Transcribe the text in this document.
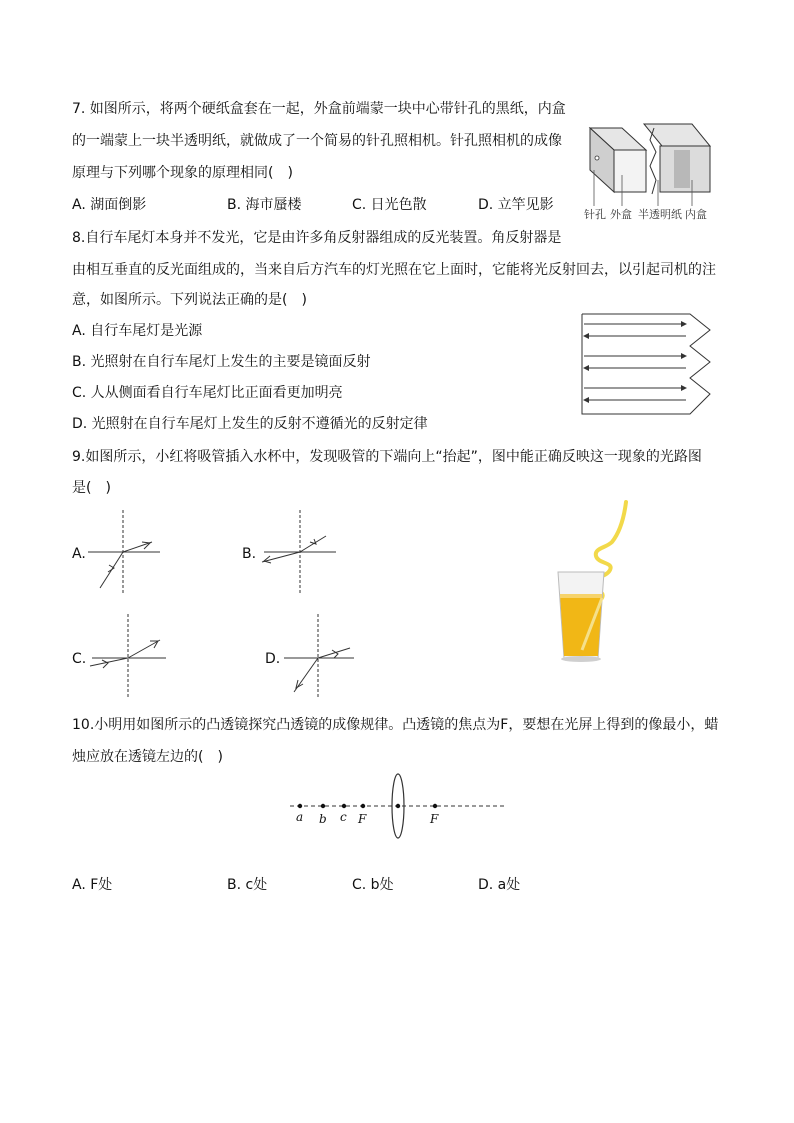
7. 如图所示，将两个硬纸盒套在一起，外盒前端蒙一块中心带针孔的黑纸，内盒
的一端蒙上一块半透明纸，就做成了一个简易的针孔照相机。针孔照相机的成像
原理与下列哪个现象的原理相同(　)
A. 湖面倒影	B. 海市蜃楼	C. 日光色散	D. 立竿见影
针孔 外盒 半透明纸 内盒
8.自行车尾灯本身并不发光，它是由许多角反射器组成的反光装置。角反射器是
由相互垂直的反光面组成的，当来自后方汽车的灯光照在它上面时，它能将光反射回去，以引起司机的注
意，如图所示。下列说法正确的是(　)
A. 自行车尾灯是光源
B. 光照射在自行车尾灯上发生的主要是镜面反射
C. 人从侧面看自行车尾灯比正面看更加明亮
D. 光照射在自行车尾灯上发生的反射不遵循光的反射定律
9.如图所示，小红将吸管插入水杯中，发现吸管的下端向上“抬起”，图中能正确反映这一现象的光路图
是(　)
A.	B.
C.	D.
10.小明用如图所示的凸透镜探究凸透镜的成像规律。凸透镜的焦点为F，要想在光屏上得到的像最小，蜡
烛应放在透镜左边的(　)
a b c F	F
A. F处	B. c处	C. b处	D. a处
